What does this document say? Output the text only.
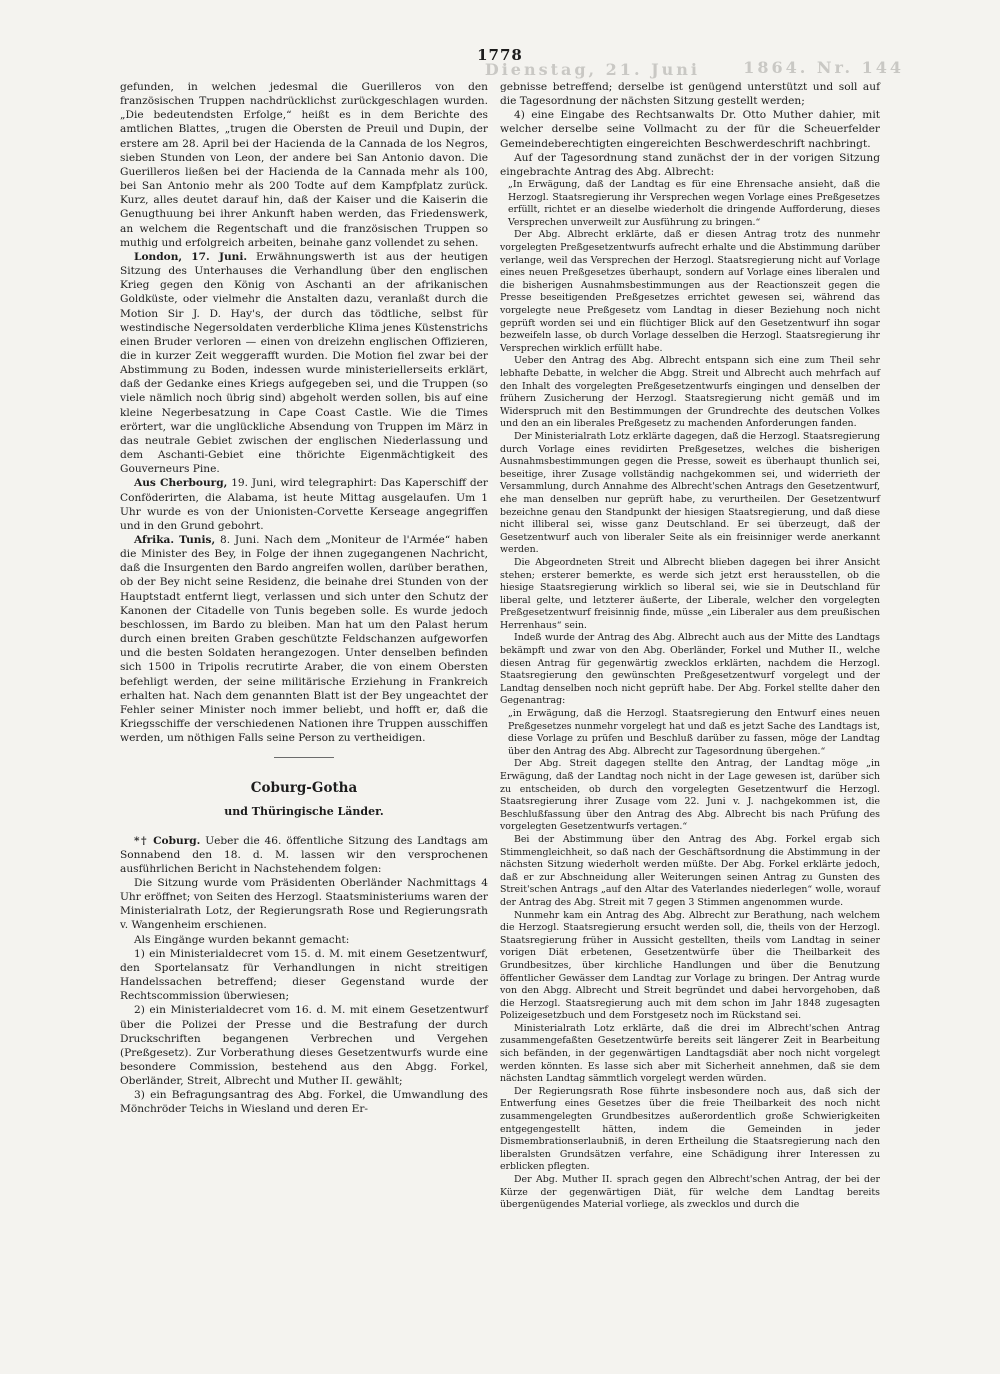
1778
Dienstag, 21. Juni	1864. Nr. 144

gefunden, in welchen jedesmal die Guerilleros von den französischen Truppen nachdrücklichst zurückgeschlagen wurden. „Die bedeutendsten Erfolge,“ heißt es in dem Berichte des amtlichen Blattes, „trugen die Obersten de Preuil und Dupin, der erstere am 28. April bei der Hacienda de la Cannada de los Negros, sieben Stunden von Leon, der andere bei San Antonio davon. Die Guerilleros ließen bei der Hacienda de la Cannada mehr als 100, bei San Antonio mehr als 200 Todte auf dem Kampfplatz zurück. Kurz, alles deutet darauf hin, daß der Kaiser und die Kaiserin die Genugthuung bei ihrer Ankunft haben werden, das Friedenswerk, an welchem die Regentschaft und die französischen Truppen so muthig und erfolgreich arbeiten, beinahe ganz vollendet zu sehen.

London, 17. Juni. Erwähnungswerth ist aus der heutigen Sitzung des Unterhauses die Verhandlung über den englischen Krieg gegen den König von Aschanti an der afrikanischen Goldküste, oder vielmehr die Anstalten dazu, veranlaßt durch die Motion Sir J. D. Hay's, der durch das tödtliche, selbst für westindische Negersoldaten verderbliche Klima jenes Küstenstrichs einen Bruder verloren — einen von dreizehn englischen Offizieren, die in kurzer Zeit weggerafft wurden. Die Motion fiel zwar bei der Abstimmung zu Boden, indessen wurde ministeriellerseits erklärt, daß der Gedanke eines Kriegs aufgegeben sei, und die Truppen (so viele nämlich noch übrig sind) abgeholt werden sollen, bis auf eine kleine Negerbesatzung in Cape Coast Castle. Wie die Times erörtert, war die unglückliche Absendung von Truppen im März in das neutrale Gebiet zwischen der englischen Niederlassung und dem Aschanti-Gebiet eine thörichte Eigenmächtigkeit des Gouverneurs Pine.

Aus Cherbourg, 19. Juni, wird telegraphirt: Das Kaperschiff der Conföderirten, die Alabama, ist heute Mittag ausgelaufen. Um 1 Uhr wurde es von der Unionisten-Corvette Kerseage angegriffen und in den Grund gebohrt.

Afrika. Tunis, 8. Juni. Nach dem „Moniteur de l'Armée“ haben die Minister des Bey, in Folge der ihnen zugegangenen Nachricht, daß die Insurgenten den Bardo angreifen wollen, darüber berathen, ob der Bey nicht seine Residenz, die beinahe drei Stunden von der Hauptstadt entfernt liegt, verlassen und sich unter den Schutz der Kanonen der Citadelle von Tunis begeben solle. Es wurde jedoch beschlossen, im Bardo zu bleiben. Man hat um den Palast herum durch einen breiten Graben geschützte Feldschanzen aufgeworfen und die besten Soldaten herangezogen. Unter denselben befinden sich 1500 in Tripolis recrutirte Araber, die von einem Obersten befehligt werden, der seine militärische Erziehung in Frankreich erhalten hat. Nach dem genannten Blatt ist der Bey ungeachtet der Fehler seiner Minister noch immer beliebt, und hofft er, daß die Kriegsschiffe der verschiedenen Nationen ihre Truppen ausschiffen werden, um nöthigen Falls seine Person zu vertheidigen.

Coburg-Gotha
und Thüringische Länder.

*† Coburg. Ueber die 46. öffentliche Sitzung des Landtags am Sonnabend den 18. d. M. lassen wir den versprochenen ausführlichen Bericht in Nachstehendem folgen:

Die Sitzung wurde vom Präsidenten Oberländer Nachmittags 4 Uhr eröffnet; von Seiten des Herzogl. Staatsministeriums waren der Ministerialrath Lotz, der Regierungsrath Rose und Regierungsrath v. Wangenheim erschienen.

Als Eingänge wurden bekannt gemacht:

1) ein Ministerialdecret vom 15. d. M. mit einem Gesetzentwurf, den Sportelansatz für Verhandlungen in nicht streitigen Handelssachen betreffend; dieser Gegenstand wurde der Rechtscommission überwiesen;

2) ein Ministerialdecret vom 16. d. M. mit einem Gesetzentwurf über die Polizei der Presse und die Bestrafung der durch Druckschriften begangenen Verbrechen und Vergehen (Preßgesetz). Zur Vorberathung dieses Gesetzentwurfs wurde eine besondere Commission, bestehend aus den Abgg. Forkel, Oberländer, Streit, Albrecht und Muther II. gewählt;

3) ein Befragungsantrag des Abg. Forkel, die Umwandlung des Mönchröder Teichs in Wiesland und deren Er-

gebnisse betreffend; derselbe ist genügend unterstützt und soll auf die Tagesordnung der nächsten Sitzung gestellt werden;

4) eine Eingabe des Rechtsanwalts Dr. Otto Muther dahier, mit welcher derselbe seine Vollmacht zu der für die Scheuerfelder Gemeindeberechtigten eingereichten Beschwerdeschrift nachbringt.

Auf der Tagesordnung stand zunächst der in der vorigen Sitzung eingebrachte Antrag des Abg. Albrecht:

„In Erwägung, daß der Landtag es für eine Ehrensache ansieht, daß die Herzogl. Staatsregierung ihr Versprechen wegen Vorlage eines Preßgesetzes erfüllt, richtet er an dieselbe wiederholt die dringende Aufforderung, dieses Versprechen unverweilt zur Ausführung zu bringen.“

Der Abg. Albrecht erklärte, daß er diesen Antrag trotz des nunmehr vorgelegten Preßgesetzentwurfs aufrecht erhalte und die Abstimmung darüber verlange, weil das Versprechen der Herzogl. Staatsregierung nicht auf Vorlage eines neuen Preßgesetzes überhaupt, sondern auf Vorlage eines liberalen und die bisherigen Ausnahmsbestimmungen aus der Reactionszeit gegen die Presse beseitigenden Preßgesetzes errichtet gewesen sei, während das vorgelegte neue Preßgesetz vom Landtag in dieser Beziehung noch nicht geprüft worden sei und ein flüchtiger Blick auf den Gesetzentwurf ihn sogar bezweifeln lasse, ob durch Vorlage desselben die Herzogl. Staatsregierung ihr Versprechen wirklich erfüllt habe.

Ueber den Antrag des Abg. Albrecht entspann sich eine zum Theil sehr lebhafte Debatte, in welcher die Abgg. Streit und Albrecht auch mehrfach auf den Inhalt des vorgelegten Preßgesetzentwurfs eingingen und denselben der frühern Zusicherung der Herzogl. Staatsregierung nicht gemäß und im Widerspruch mit den Bestimmungen der Grundrechte des deutschen Volkes und den an ein liberales Preßgesetz zu machenden Anforderungen fanden.

Der Ministerialrath Lotz erklärte dagegen, daß die Herzogl. Staatsregierung durch Vorlage eines revidirten Preßgesetzes, welches die bisherigen Ausnahmsbestimmungen gegen die Presse, soweit es überhaupt thunlich sei, beseitige, ihrer Zusage vollständig nachgekommen sei, und widerrieth der Versammlung, durch Annahme des Albrecht'schen Antrags den Gesetzentwurf, ehe man denselben nur geprüft habe, zu verurtheilen. Der Gesetzentwurf bezeichne genau den Standpunkt der hiesigen Staatsregierung, und daß diese nicht illiberal sei, wisse ganz Deutschland. Er sei überzeugt, daß der Gesetzentwurf auch von liberaler Seite als ein freisinniger werde anerkannt werden.

Die Abgeordneten Streit und Albrecht blieben dagegen bei ihrer Ansicht stehen; ersterer bemerkte, es werde sich jetzt erst herausstellen, ob die hiesige Staatsregierung wirklich so liberal sei, wie sie in Deutschland für liberal gelte, und letzterer äußerte, der Liberale, welcher den vorgelegten Preßgesetzentwurf freisinnig finde, müsse „ein Liberaler aus dem preußischen Herrenhaus“ sein.

Indeß wurde der Antrag des Abg. Albrecht auch aus der Mitte des Landtags bekämpft und zwar von den Abg. Oberländer, Forkel und Muther II., welche diesen Antrag für gegenwärtig zwecklos erklärten, nachdem die Herzogl. Staatsregierung den gewünschten Preßgesetzentwurf vorgelegt und der Landtag denselben noch nicht geprüft habe. Der Abg. Forkel stellte daher den Gegenantrag:

„in Erwägung, daß die Herzogl. Staatsregierung den Entwurf eines neuen Preßgesetzes nunmehr vorgelegt hat und daß es jetzt Sache des Landtags ist, diese Vorlage zu prüfen und Beschluß darüber zu fassen, möge der Landtag über den Antrag des Abg. Albrecht zur Tagesordnung übergehen.“

Der Abg. Streit dagegen stellte den Antrag, der Landtag möge „in Erwägung, daß der Landtag noch nicht in der Lage gewesen ist, darüber sich zu entscheiden, ob durch den vorgelegten Gesetzentwurf die Herzogl. Staatsregierung ihrer Zusage vom 22. Juni v. J. nachgekommen ist, die Beschlußfassung über den Antrag des Abg. Albrecht bis nach Prüfung des vorgelegten Gesetzentwurfs vertagen.“

Bei der Abstimmung über den Antrag des Abg. Forkel ergab sich Stimmengleichheit, so daß nach der Geschäftsordnung die Abstimmung in der nächsten Sitzung wiederholt werden müßte. Der Abg. Forkel erklärte jedoch, daß er zur Abschneidung aller Weiterungen seinen Antrag zu Gunsten des Streit'schen Antrags „auf den Altar des Vaterlandes niederlegen“ wolle, worauf der Antrag des Abg. Streit mit 7 gegen 3 Stimmen angenommen wurde.

Nunmehr kam ein Antrag des Abg. Albrecht zur Berathung, nach welchem die Herzogl. Staatsregierung ersucht werden soll, die, theils von der Herzogl. Staatsregierung früher in Aussicht gestellten, theils vom Landtag in seiner vorigen Diät erbetenen, Gesetzentwürfe über die Theilbarkeit des Grundbesitzes, über kirchliche Handlungen und über die Benutzung öffentlicher Gewässer dem Landtag zur Vorlage zu bringen. Der Antrag wurde von den Abgg. Albrecht und Streit begründet und dabei hervorgehoben, daß die Herzogl. Staatsregierung auch mit dem schon im Jahr 1848 zugesagten Polizeigesetzbuch und dem Forstgesetz noch im Rückstand sei.

Ministerialrath Lotz erklärte, daß die drei im Albrecht'schen Antrag zusammengefaßten Gesetzentwürfe bereits seit längerer Zeit in Bearbeitung sich befänden, in der gegenwärtigen Landtagsdiät aber noch nicht vorgelegt werden könnten. Es lasse sich aber mit Sicherheit annehmen, daß sie dem nächsten Landtag sämmtlich vorgelegt werden würden.

Der Regierungsrath Rose führte insbesondere noch aus, daß sich der Entwerfung eines Gesetzes über die freie Theilbarkeit des noch nicht zusammengelegten Grundbesitzes außerordentlich große Schwierigkeiten entgegengestellt hätten, indem die Gemeinden in jeder Dismembrationserlaubniß, in deren Ertheilung die Staatsregierung nach den liberalsten Grundsätzen verfahre, eine Schädigung ihrer Interessen zu erblicken pflegten.

Der Abg. Muther II. sprach gegen den Albrecht'schen Antrag, der bei der Kürze der gegenwärtigen Diät, für welche dem Landtag bereits übergenügendes Material vorliege, als zwecklos und durch die
